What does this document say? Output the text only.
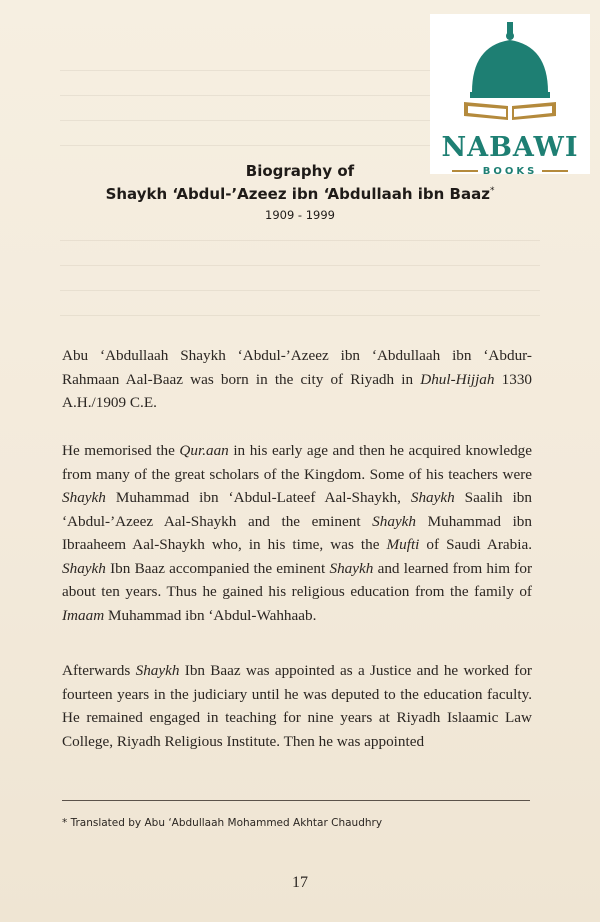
NABAWI
BOOKS
Biography of
Shaykh ‘Abdul-’Azeez ibn ‘Abdullaah ibn Baaz*
1909 - 1999

Abu ‘Abdullaah Shaykh ‘Abdul-’Azeez ibn ‘Abdullaah ibn ‘Abdur-Rahmaan Aal-Baaz was born in the city of Riyadh in Dhul-Hijjah 1330 A.H./1909 C.E.

He memorised the Qur.aan in his early age and then he acquired knowledge from many of the great scholars of the Kingdom. Some of his teachers were Shaykh Muhammad ibn ‘Abdul-Lateef Aal-Shaykh, Shaykh Saalih ibn ‘Abdul-’Azeez Aal-Shaykh and the eminent Shaykh Muhammad ibn Ibraaheem Aal-Shaykh who, in his time, was the Mufti of Saudi Arabia. Shaykh Ibn Baaz accompanied the eminent Shaykh and learned from him for about ten years. Thus he gained his religious education from the family of Imaam Muhammad ibn ‘Abdul-Wahhaab.

Afterwards Shaykh Ibn Baaz was appointed as a Justice and he worked for fourteen years in the judiciary until he was deputed to the education faculty. He remained engaged in teaching for nine years at Riyadh Islaamic Law College, Riyadh Religious Institute. Then he was appointed

* Translated by Abu ‘Abdullaah Mohammed Akhtar Chaudhry
17
